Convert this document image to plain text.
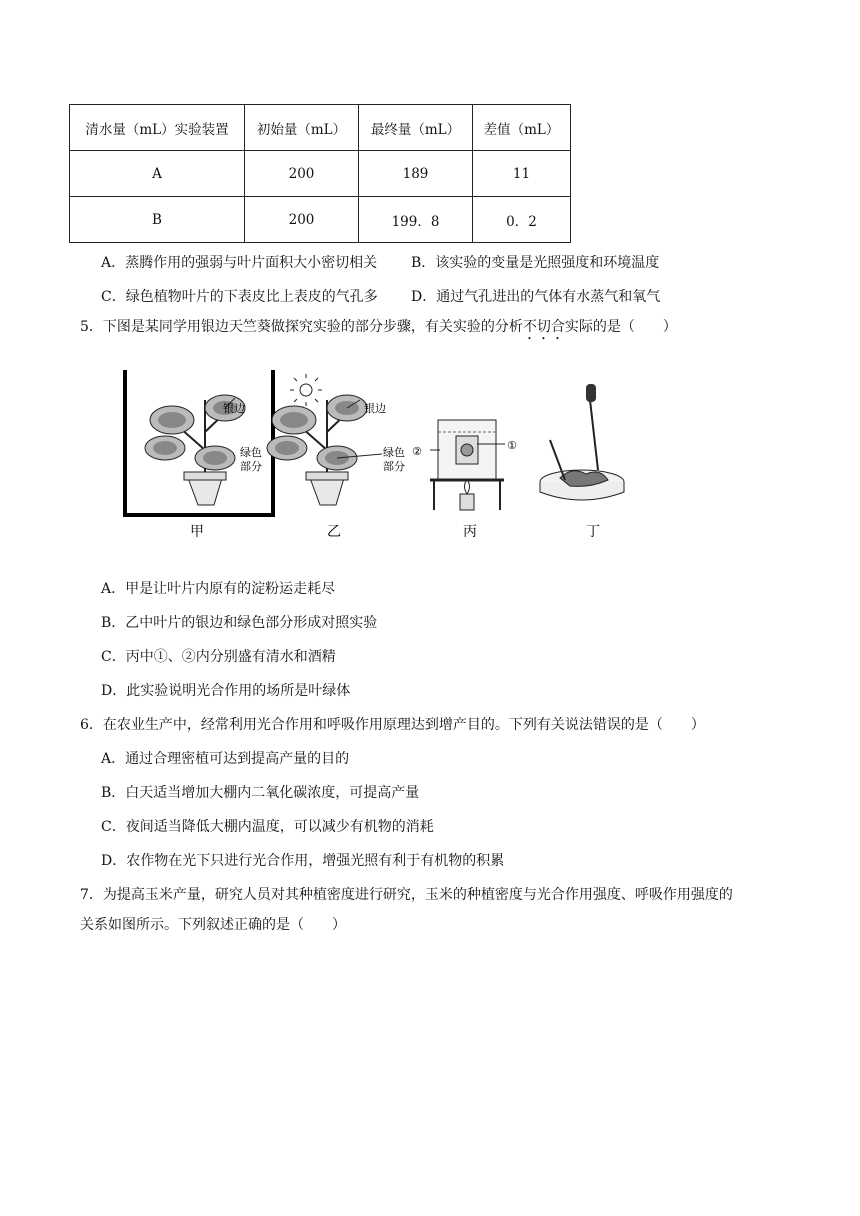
清水量（mL）实验装置	初始量（mL）	最终量（mL）	差值（mL）
A	200	189	11
B	200	199．8	0．2
A．蒸腾作用的强弱与叶片面积大小密切相关 B．该实验的变量是光照强度和环境温度
C．绿色植物叶片的下表皮比上表皮的气孔多 D．通过气孔进出的气体有水蒸气和氧气
5．下图是某同学用银边天竺葵做探究实验的部分步骤，有关实验的分析不切合实际的是（　　）
银边
绿色
部分
银边
绿色
部分
①
②
甲	乙	丙	丁
A．甲是让叶片内原有的淀粉运走耗尽
B．乙中叶片的银边和绿色部分形成对照实验
C．丙中①、②内分别盛有清水和酒精
D．此实验说明光合作用的场所是叶绿体
6．在农业生产中，经常利用光合作用和呼吸作用原理达到增产目的。下列有关说法错误的是（　　）
A．通过合理密植可达到提高产量的目的
B．白天适当增加大棚内二氧化碳浓度，可提高产量
C．夜间适当降低大棚内温度，可以减少有机物的消耗
D．农作物在光下只进行光合作用，增强光照有利于有机物的积累
7．为提高玉米产量，研究人员对其种植密度进行研究，玉米的种植密度与光合作用强度、呼吸作用强度的
关系如图所示。下列叙述正确的是（　　）
